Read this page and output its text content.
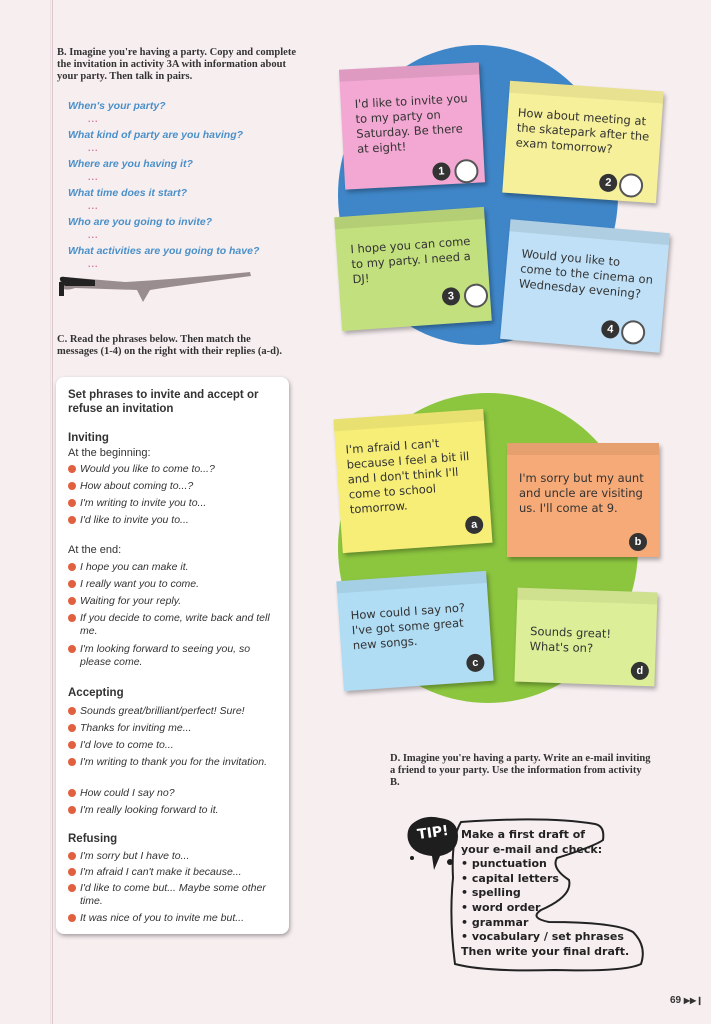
B. Imagine you're having a party. Copy and complete the invitation in activity 3A with information about your party. Then talk in pairs.
When's your party?
...
What kind of party are you having?
...
Where are you having it?
...
What time does it start?
...
Who are you going to invite?
...
What activities are you going to have?
...
C. Read the phrases below. Then match the messages (1-4) on the right with their replies (a-d).
Set phrases to invite and accept or refuse an invitation
Inviting
At the beginning:
Would you like to come to...?
How about coming to...?
I'm writing to invite you to...
I'd like to invite you to...
At the end:
I hope you can make it.
I really want you to come.
Waiting for your reply.
If you decide to come, write back and tell me.
I'm looking forward to seeing you, so please come.
Accepting
Sounds great/brilliant/perfect! Sure!
Thanks for inviting me...
I'd love to come to...
I'm writing to thank you for the invitation.
How could I say no?
I'm really looking forward to it.
Refusing
I'm sorry but I have to...
I'm afraid I can't make it because...
I'd like to come but... Maybe some other time.
It was nice of you to invite me but...
I'd like to invite you to my party on Saturday. Be there at eight!
1
How about meeting at the skatepark after the exam tomorrow?
2
I hope you can come to my party. I need a DJ!
3
Would you like to come to the cinema on Wednesday evening?
4
I'm afraid I can't because I feel a bit ill and I don't think I'll come to school tomorrow.
a
I'm sorry but my aunt and uncle are visiting us. I'll come at 9.
b
How could I say no? I've got some great new songs.
c
Sounds great! What's on?
d
D. Imagine you're having a party. Write an e-mail inviting a friend to your party. Use the information from activity B.
TIP!	Make a first draft of your e-mail and check:
• punctuation
• capital letters
• spelling
• word order
• grammar
• vocabulary / set phrases
Then write your final draft.
69 ▶▶❙
